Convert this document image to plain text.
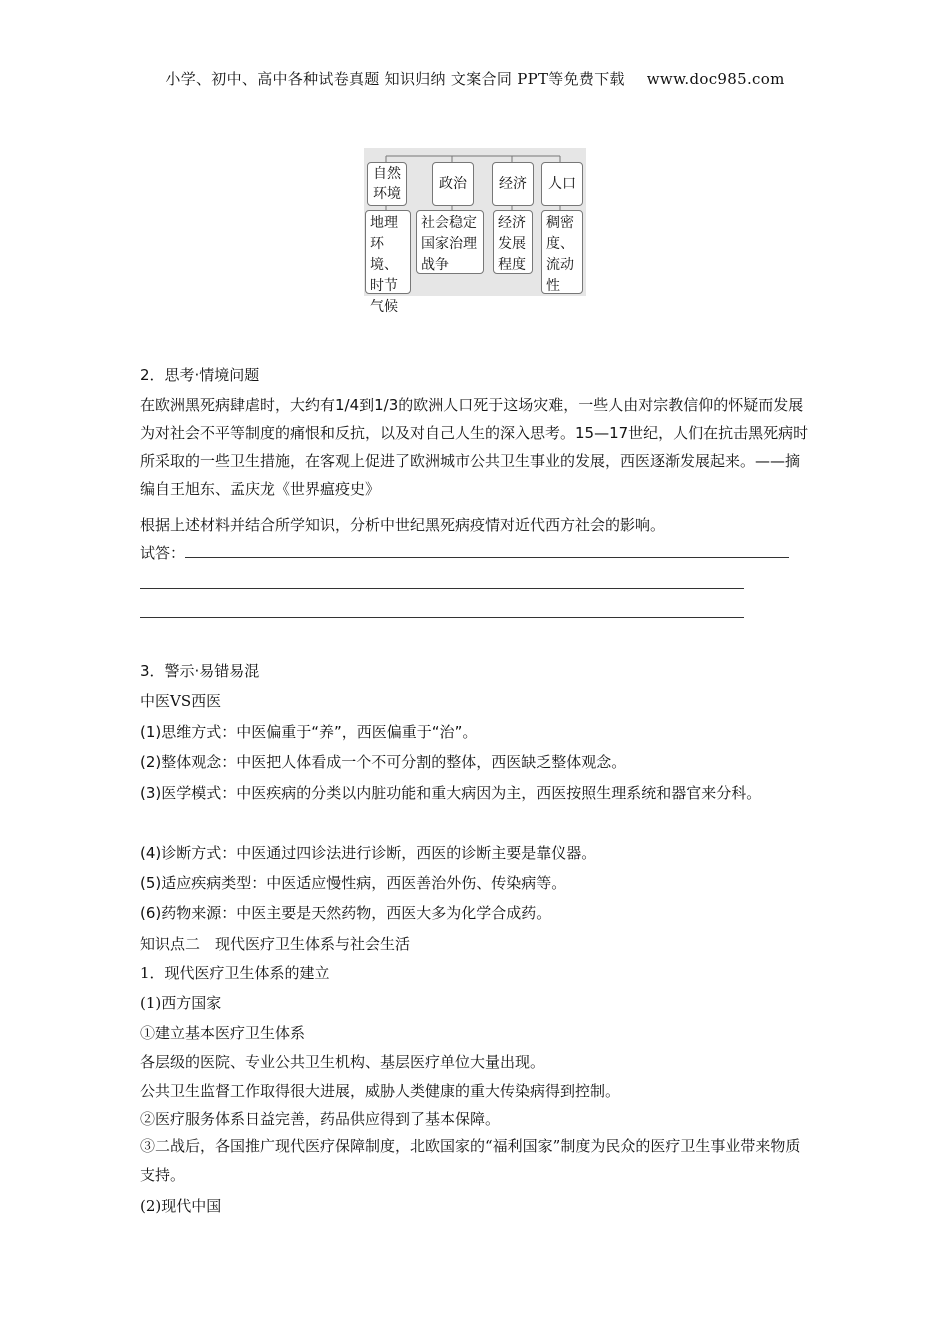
小学、初中、高中各种试卷真题 知识归纳 文案合同 PPT等免费下载 www.doc985.com
自然
环境
政治	经济	人口
地理
环境、
时节
气候
社会稳定
国家治理
战争
经济
发展
程度
稠密
度、
流动
性
2．思考·情境问题
在欧洲黑死病肆虐时，大约有1/4到1/3的欧洲人口死于这场灾难，一些人由对宗教信仰的怀疑而发展为对社会不平等制度的痛恨和反抗，以及对自己人生的深入思考。15—17世纪，人们在抗击黑死病时所采取的一些卫生措施，在客观上促进了欧洲城市公共卫生事业的发展，西医逐渐发展起来。——摘编自王旭东、孟庆龙《世界瘟疫史》
根据上述材料并结合所学知识，分析中世纪黑死病疫情对近代西方社会的影响。
试答：
3．警示·易错易混
中医VS西医
(1)思维方式：中医偏重于“养”，西医偏重于“治”。
(2)整体观念：中医把人体看成一个不可分割的整体，西医缺乏整体观念。
(3)医学模式：中医疾病的分类以内脏功能和重大病因为主，西医按照生理系统和器官来分科。
(4)诊断方式：中医通过四诊法进行诊断，西医的诊断主要是靠仪器。
(5)适应疾病类型：中医适应慢性病，西医善治外伤、传染病等。
(6)药物来源：中医主要是天然药物，西医大多为化学合成药。
知识点二　现代医疗卫生体系与社会生活
1．现代医疗卫生体系的建立
(1)西方国家
①建立基本医疗卫生体系
各层级的医院、专业公共卫生机构、基层医疗单位大量出现。
公共卫生监督工作取得很大进展，威胁人类健康的重大传染病得到控制。
②医疗服务体系日益完善，药品供应得到了基本保障。
③二战后，各国推广现代医疗保障制度，北欧国家的“福利国家”制度为民众的医疗卫生事业带来物质支持。
(2)现代中国
